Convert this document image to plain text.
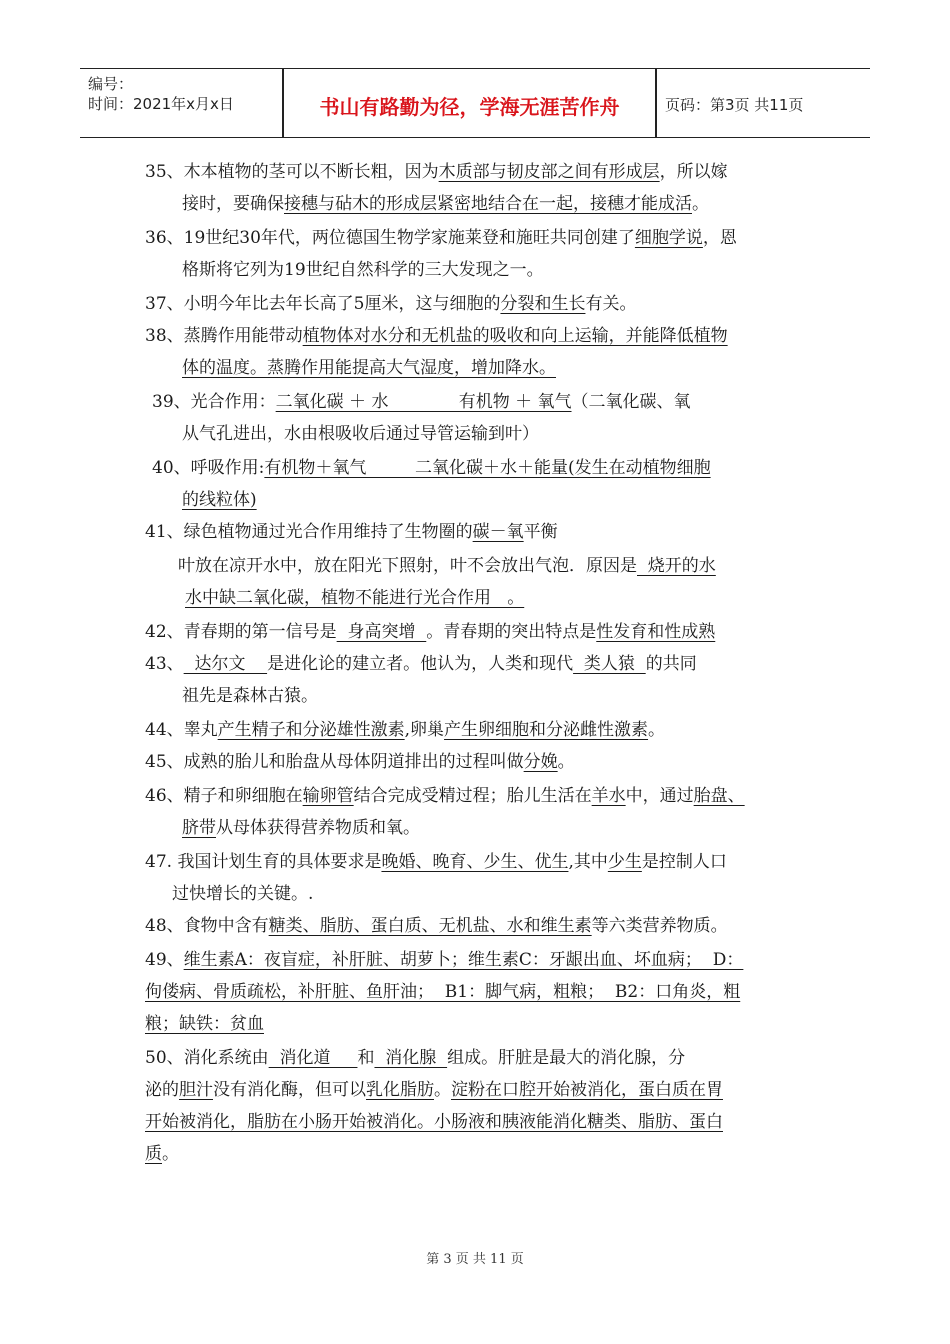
编号：
时间：2021年x月x日	书山有路勤为径，学海无涯苦作舟	页码：第3页 共11页
35、木本植物的茎可以不断长粗，因为木质部与韧皮部之间有形成层，所以嫁
接时，要确保接穗与砧木的形成层紧密地结合在一起，接穗才能成活。
36、19世纪30年代，两位德国生物学家施莱登和施旺共同创建了细胞学说，恩
格斯将它列为19世纪自然科学的三大发现之一。
37、小明今年比去年长高了5厘米，这与细胞的分裂和生长有关。
38、蒸腾作用能带动植物体对水分和无机盐的吸收和向上运输，并能降低植物
体的温度。蒸腾作用能提高大气湿度，增加降水。
39、光合作用：二氧化碳 ＋ 水             有机物 ＋ 氧气（二氧化碳、氧
从气孔进出，水由根吸收后通过导管运输到叶）
40、呼吸作用:有机物＋氧气         二氧化碳＋水＋能量(发生在动植物细胞
的线粒体)
41、绿色植物通过光合作用维持了生物圈的碳－氧平衡
叶放在凉开水中，放在阳光下照射，叶不会放出气泡．原因是  烧开的水
水中缺二氧化碳，植物不能进行光合作用   。
42、青春期的第一信号是  身高突增  。青春期的突出特点是性发育和性成熟
43、  达尔文    是进化论的建立者。他认为，人类和现代  类人猿  的共同
祖先是森林古猿。
44、睾丸产生精子和分泌雄性激素,卵巢产生卵细胞和分泌雌性激素。
45、成熟的胎儿和胎盘从母体阴道排出的过程叫做分娩。
46、精子和卵细胞在输卵管结合完成受精过程；胎儿生活在羊水中，通过胎盘、
脐带从母体获得营养物质和氧。
47. 我国计划生育的具体要求是晚婚、晚育、少生、优生,其中少生是控制人口
过快增长的关键。.
48、食物中含有糖类、脂肪、蛋白质、无机盐、水和维生素等六类营养物质。
49、维生素A：夜盲症，补肝脏、胡萝卜；维生素C：牙龈出血、坏血病；  D：
佝偻病、骨质疏松，补肝脏、鱼肝油；  B1：脚气病，粗粮；  B2：口角炎，粗
粮；缺铁：贫血
50、消化系统由  消化道     和  消化腺  组成。肝脏是最大的消化腺，分
泌的胆汁没有消化酶，但可以乳化脂肪。淀粉在口腔开始被消化，蛋白质在胃
开始被消化，脂肪在小肠开始被消化。小肠液和胰液能消化糖类、脂肪、蛋白
质。
第 3 页 共 11 页
